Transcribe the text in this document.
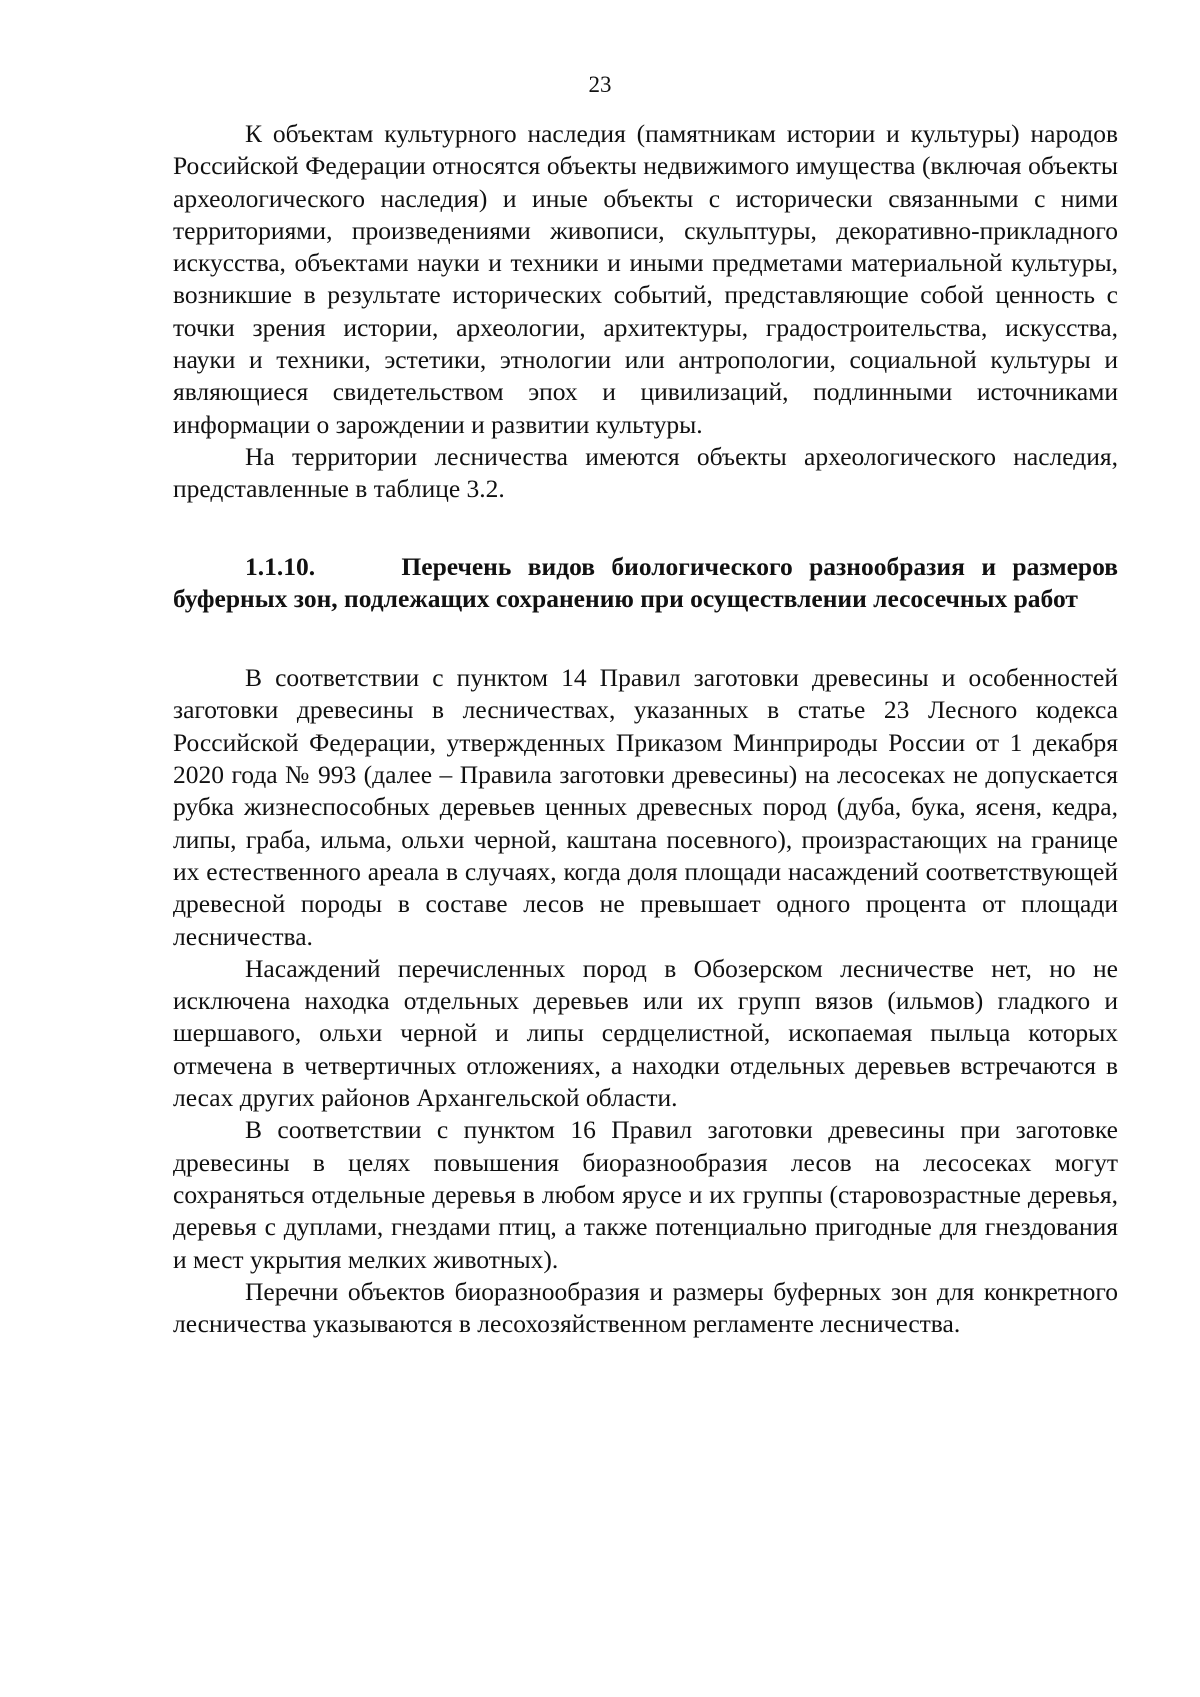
23

К объектам культурного наследия (памятникам истории и культуры) народов Российской Федерации относятся объекты недвижимого имущества (включая объекты археологического наследия) и иные объекты с исторически связанными с ними территориями, произведениями живописи, скульптуры, декоративно-прикладного искусства, объектами науки и техники и иными предметами материальной культуры, возникшие в результате исторических событий, представляющие собой ценность с точки зрения истории, археологии, архитектуры, градостроительства, искусства, науки и техники, эстетики, этнологии или антропологии, социальной культуры и являющиеся свидетельством эпох и цивилизаций, подлинными источниками информации о зарождении и развитии культуры.

На территории лесничества имеются объекты археологического наследия, представленные в таблице 3.2.

1.1.10.	Перечень видов биологического разнообразия и размеров буферных зон, подлежащих сохранению при осуществлении лесосечных работ

В соответствии с пунктом 14 Правил заготовки древесины и особенностей заготовки древесины в лесничествах, указанных в статье 23 Лесного кодекса Российской Федерации, утвержденных Приказом Минприроды России от 1 декабря 2020 года № 993 (далее – Правила заготовки древесины) на лесосеках не допускается рубка жизнеспособных деревьев ценных древесных пород (дуба, бука, ясеня, кедра, липы, граба, ильма, ольхи черной, каштана посевного), произрастающих на границе их естественного ареала в случаях, когда доля площади насаждений соответствующей древесной породы в составе лесов не превышает одного процента от площади лесничества.

Насаждений перечисленных пород в Обозерском лесничестве нет, но не исключена находка отдельных деревьев или их групп вязов (ильмов) гладкого и шершавого, ольхи черной и липы сердцелистной, ископаемая пыльца которых отмечена в четвертичных отложениях, а находки отдельных деревьев встречаются в лесах других районов Архангельской области.

В соответствии с пунктом 16 Правил заготовки древесины при заготовке древесины в целях повышения биоразнообразия лесов на лесосеках могут сохраняться отдельные деревья в любом ярусе и их группы (старовозрастные деревья, деревья с дуплами, гнездами птиц, а также потенциально пригодные для гнездования и мест укрытия мелких животных).

Перечни объектов биоразнообразия и размеры буферных зон для конкретного лесничества указываются в лесохозяйственном регламенте лесничества.
